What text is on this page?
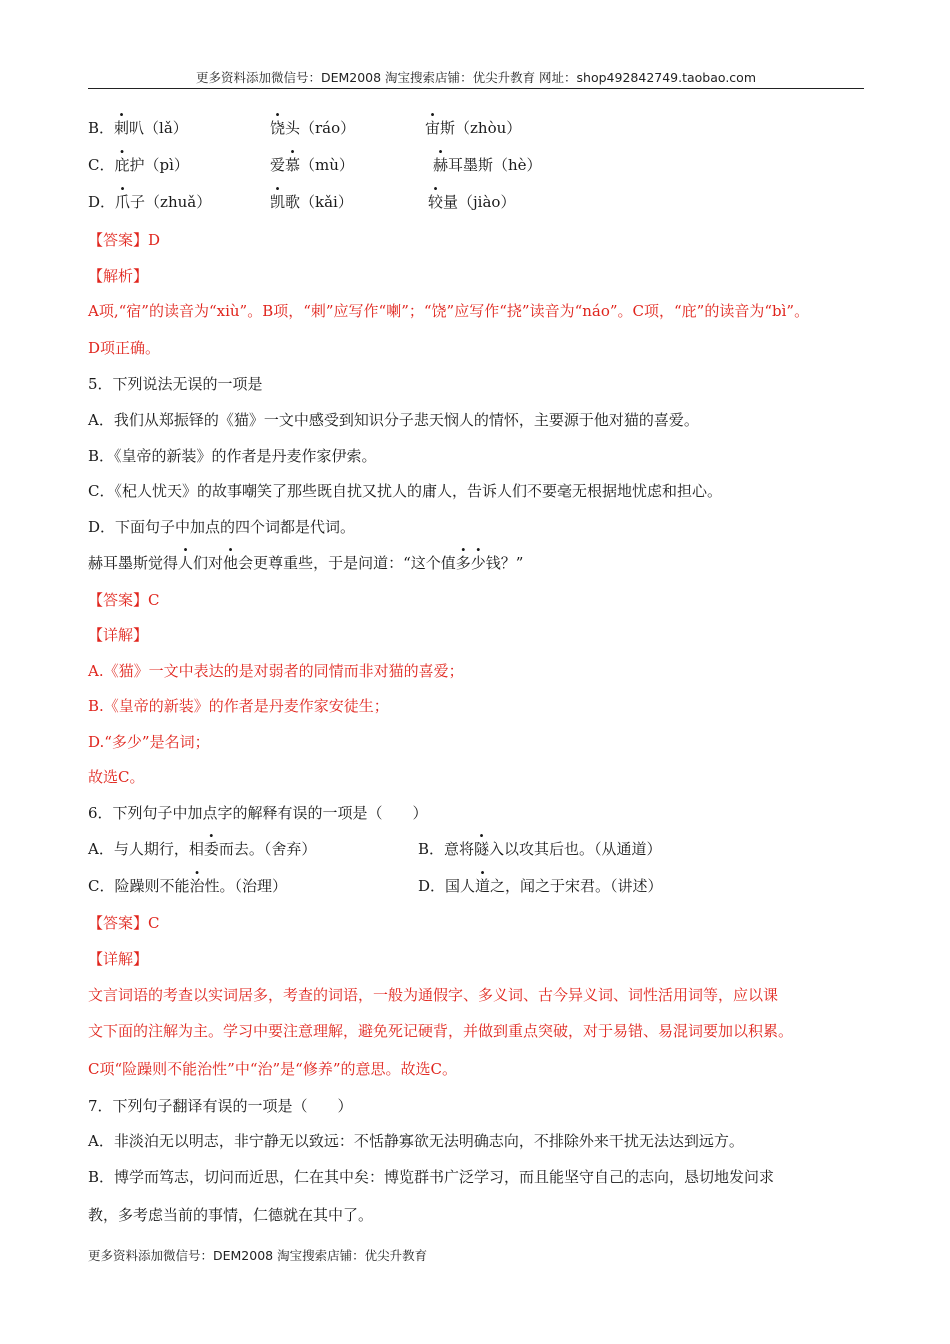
更多资料添加微信号：DEM2008 淘宝搜索店铺：优尖升教育 网址：shop492842749.taobao.com
B．刺叭（lǎ）	饶头（ráo）	宙斯（zhòu）
C．庇护（pì）	爱慕（mù）	赫耳墨斯（hè）
D．爪子（zhuǎ）	凯歌（kǎi）	较量（jiào）
【答案】D
【解析】
A项,“宿”的读音为“xiù”。B项，“刺”应写作“喇”；“饶”应写作“挠”读音为“náo”。C项，“庇”的读音为“bì”。
D项正确。
5．下列说法无误的一项是
A．我们从郑振铎的《猫》一文中感受到知识分子悲天悯人的情怀，主要源于他对猫的喜爱。
B．《皇帝的新装》的作者是丹麦作家伊索。
C．《杞人忧天》的故事嘲笑了那些既自扰又扰人的庸人，告诉人们不要毫无根据地忧虑和担心。
D．下面句子中加点的四个词都是代词。
赫耳墨斯觉得人们对他会更尊重些，于是问道：“这个值多少钱？”
【答案】C
【详解】
A.《猫》一文中表达的是对弱者的同情而非对猫的喜爱；
B.《皇帝的新装》的作者是丹麦作家安徒生；
D.“多少”是名词；
故选C。
6．下列句子中加点字的解释有误的一项是（　　）
A．与人期行，相委而去。（舍弃）	B．意将隧入以攻其后也。（从通道）
C．险躁则不能治性。（治理）	D．国人道之，闻之于宋君。（讲述）
【答案】C
【详解】
文言词语的考查以实词居多，考查的词语，一般为通假字、多义词、古今异义词、词性活用词等，应以课
文下面的注解为主。学习中要注意理解，避免死记硬背，并做到重点突破，对于易错、易混词要加以积累。
C项“险躁则不能治性”中“治”是“修养”的意思。故选C。
7．下列句子翻译有误的一项是（　　）
A．非淡泊无以明志，非宁静无以致远：不恬静寡欲无法明确志向，不排除外来干扰无法达到远方。
B．博学而笃志，切问而近思，仁在其中矣：博览群书广泛学习，而且能坚守自己的志向，恳切地发问求
教，多考虑当前的事情，仁德就在其中了。
更多资料添加微信号：DEM2008 淘宝搜索店铺：优尖升教育
